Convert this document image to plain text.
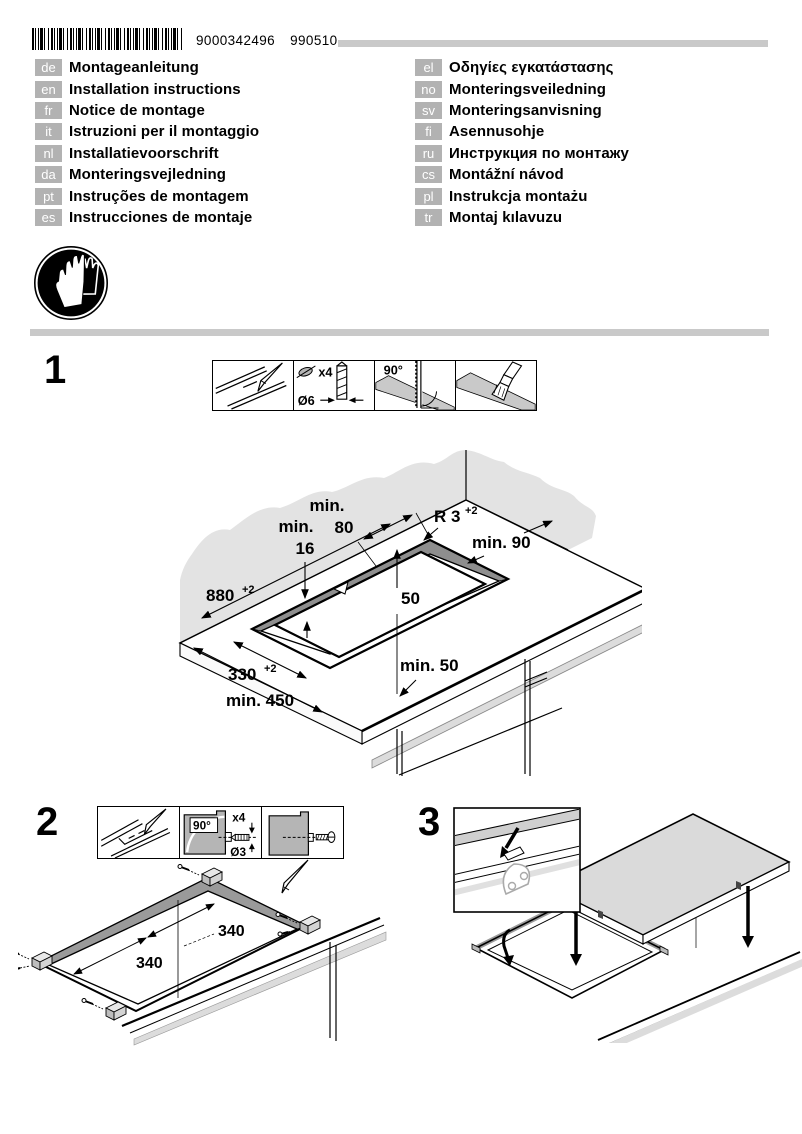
9000342496 990510
de Montageanleitung
en Installation instructions
fr	Notice de montage
it	Istruzioni per il montaggio
nl	Installatievoorschrift
da Monteringsvejledning
pt	Instruções de montagem
es Instrucciones de montaje
el	Οδηγίες εγκατάστασης
no Monteringsveiledning
sv Monteringsanvisning
fi	Asennusohje
ru Инструкция по монтажу
cs Montážní návod
pl	Instrukcja montażu
tr	Montaj kılavuzu
1	x4
Ø6
90°
min.
80
min.
16
R 3 +2
min. 90
880 +2	50
min. 50
330 +2
min. 450
2	90°
x4
Ø3
340
340
3
